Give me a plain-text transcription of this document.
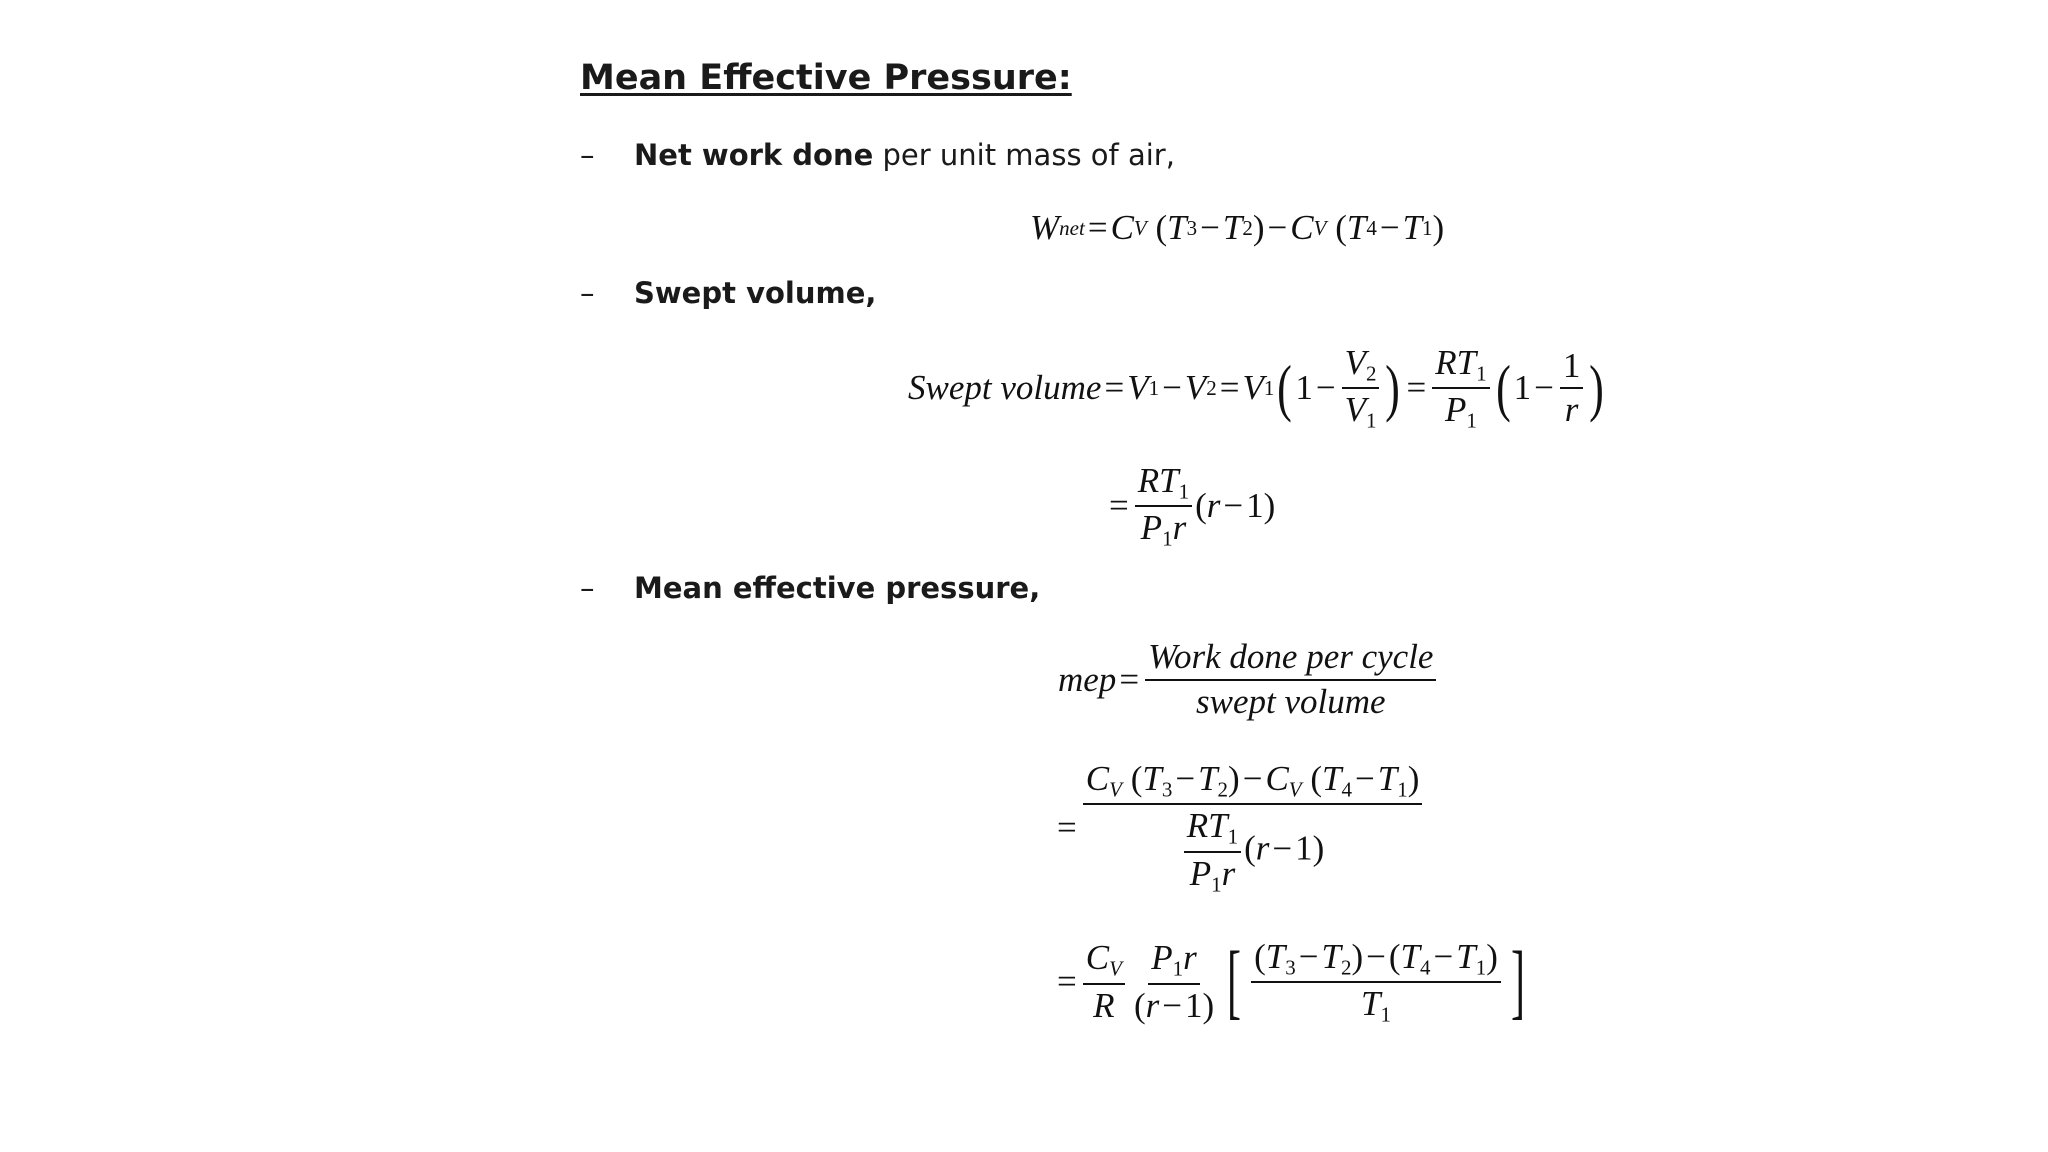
Mean Effective Pressure:
– Net work done per unit mass of air,
W net = C V ( T 3 − T 2 ) − C V ( T 4 − T 1 )
– Swept volume,
Swept volume = V 1 − V 2 = V 1 ( $1 - \frac{V_2}{V_1}$ ) = $\frac{RT_1}{P_1}$ ( $1 - \frac{1}{r}$ )
= $\frac{RT_1}{P_1r}$ ( r − 1)
– Mean effective pressure,
mep = $\frac{\text{Work done per cycle}}{\text{swept volume}}$
= $\frac{C_V (T_3-T_2)-C_V (T_4-T_1)}{\frac{RT_1}{P_1r} (r-1)}$
= $\frac{C_V}{R} \frac{P_1r}{(r-1)}$ [ $\frac{(T_3-T_2)-(T_4-T_1)}{T_1}$ ]
